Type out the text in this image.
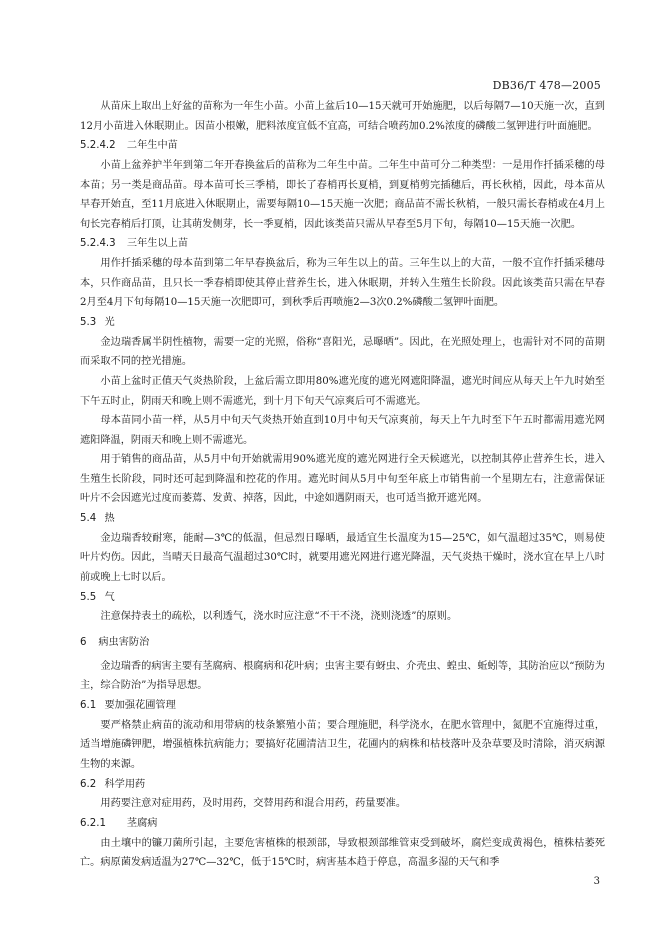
DB36/T 478—2005

从苗床上取出上好盆的苗称为一年生小苗。小苗上盆后10—15天就可开始施肥，以后每隔7—10天施一次，直到12月小苗进入休眠期止。因苗小根嫩，肥料浓度宜低不宜高，可结合喷药加0.2%浓度的磷酸二氢钾进行叶面施肥。

5.2.4.2 二年生中苗

小苗上盆养护半年到第二年开春换盆后的苗称为二年生中苗。二年生中苗可分二种类型：一是用作扦插采穗的母本苗；另一类是商品苗。母本苗可长三季梢，即长了春梢再长夏梢，到夏梢剪完插穗后，再长秋梢，因此，母本苗从早春开始直，至11月底进入休眠期止，需要每隔10—15天施一次肥；商品苗不需长秋梢，一般只需长春梢或在4月上旬长完春梢后打顶，让其萌发侧芽，长一季夏梢，因此该类苗只需从早春至5月下旬，每隔10—15天施一次肥。

5.2.4.3 三年生以上苗

用作扦插采穗的母本苗到第二年早春换盆后，称为三年生以上的苗。三年生以上的大苗，一般不宜作扦插采穗母本，只作商品苗，且只长一季春梢即使其停止营养生长，进入休眠期，并转入生殖生长阶段。因此该类苗只需在早春2月至4月下旬每隔10—15天施一次肥即可，到秋季后再喷施2—3次0.2%磷酸二氢钾叶面肥。

5.3 光

金边瑞香属半阴性植物，需要一定的光照，俗称“喜阳光，忌曝晒”。因此，在光照处理上，也需针对不同的苗期而采取不同的控光措施。

小苗上盆时正值天气炎热阶段，上盆后需立即用80%遮光度的遮光网遮阳降温，遮光时间应从每天上午九时始至下午五时止，阴雨天和晚上则不需遮光，到十月下旬天气凉爽后可不需遮光。

母本苗同小苗一样，从5月中旬天气炎热开始直到10月中旬天气凉爽前，每天上午九时至下午五时都需用遮光网遮阳降温，阴雨天和晚上则不需遮光。

用于销售的商品苗，从5月中旬开始就需用90%遮光度的遮光网进行全天候遮光，以控制其停止营养生长，进入生殖生长阶段，同时还可起到降温和控花的作用。遮光时间从5月中旬至年底上市销售前一个星期左右，注意需保证叶片不会因遮光过度而萎蔫、发黄、掉落，因此，中途如遇阴雨天，也可适当掀开遮光网。

5.4 热

金边瑞香较耐寒，能耐—3℃的低温，但忌烈日曝晒，最适宜生长温度为15—25℃，如气温超过35℃，则易使叶片灼伤。因此，当晴天日最高气温超过30℃时，就要用遮光网进行遮光降温，天气炎热干燥时，浇水宜在早上八时前或晚上七时以后。

5.5 气

注意保持表土的疏松，以利透气，浇水时应注意“不干不浇，浇则浇透”的原则。

6 病虫害防治

金边瑞香的病害主要有茎腐病、根腐病和花叶病；虫害主要有蚜虫、介壳虫、蝗虫、蚯蚓等，其防治应以“预防为主，综合防治”为指导思想。

6.1 要加强花圃管理

要严格禁止病苗的流动和用带病的枝条繁殖小苗；要合理施肥，科学浇水，在肥水管理中，氮肥不宜施得过重，适当增施磷钾肥，增强植株抗病能力；要搞好花圃清洁卫生，花圃内的病株和枯枝落叶及杂草要及时清除，消灭病源生物的来源。

6.2 科学用药

用药要注意对症用药，及时用药，交替用药和混合用药，药量要准。

6.2.1 茎腐病

由土壤中的镰刀菌所引起，主要危害植株的根颈部，导致根颈部维管束受到破坏，腐烂变成黄褐色，植株枯萎死亡。病原菌发病适温为27℃—32℃，低于15℃时，病害基本趋于停息，高温多湿的天气和季

3
